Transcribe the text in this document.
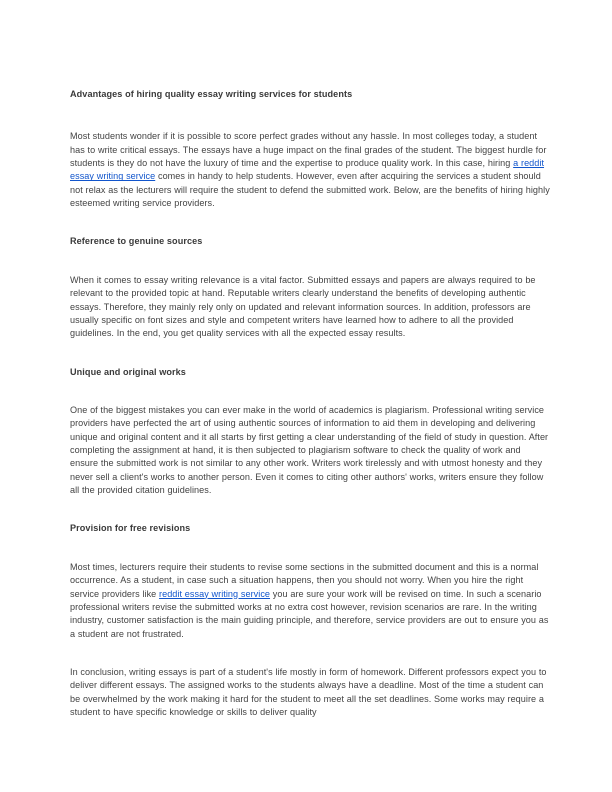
Advantages of hiring quality essay writing services for students

Most students wonder if it is possible to score perfect grades without any hassle. In most colleges today, a student has to write critical essays. The essays have a huge impact on the final grades of the student. The biggest hurdle for students is they do not have the luxury of time and the expertise to produce quality work. In this case, hiring a reddit essay writing service comes in handy to help students. However, even after acquiring the services a student should not relax as the lecturers will require the student to defend the submitted work. Below, are the benefits of hiring highly esteemed writing service providers.

Reference to genuine sources

When it comes to essay writing relevance is a vital factor. Submitted essays and papers are always required to be relevant to the provided topic at hand. Reputable writers clearly understand the benefits of developing authentic essays. Therefore, they mainly rely only on updated and relevant information sources. In addition, professors are usually specific on font sizes and style and competent writers have learned how to adhere to all the provided guidelines. In the end, you get quality services with all the expected essay results.

Unique and original works

One of the biggest mistakes you can ever make in the world of academics is plagiarism. Professional writing service providers have perfected the art of using authentic sources of information to aid them in developing and delivering unique and original content and it all starts by first getting a clear understanding of the field of study in question. After completing the assignment at hand, it is then subjected to plagiarism software to check the quality of work and ensure the submitted work is not similar to any other work. Writers work tirelessly and with utmost honesty and they never sell a client's works to another person. Even it comes to citing other authors' works, writers ensure they follow all the provided citation guidelines.

Provision for free revisions

Most times, lecturers require their students to revise some sections in the submitted document and this is a normal occurrence. As a student, in case such a situation happens, then you should not worry. When you hire the right service providers like reddit essay writing service you are sure your work will be revised on time. In such a scenario professional writers revise the submitted works at no extra cost however, revision scenarios are rare. In the writing industry, customer satisfaction is the main guiding principle, and therefore, service providers are out to ensure you as a student are not frustrated.

In conclusion, writing essays is part of a student's life mostly in form of homework. Different professors expect you to deliver different essays. The assigned works to the students always have a deadline. Most of the time a student can be overwhelmed by the work making it hard for the student to meet all the set deadlines. Some works may require a student to have specific knowledge or skills to deliver quality
